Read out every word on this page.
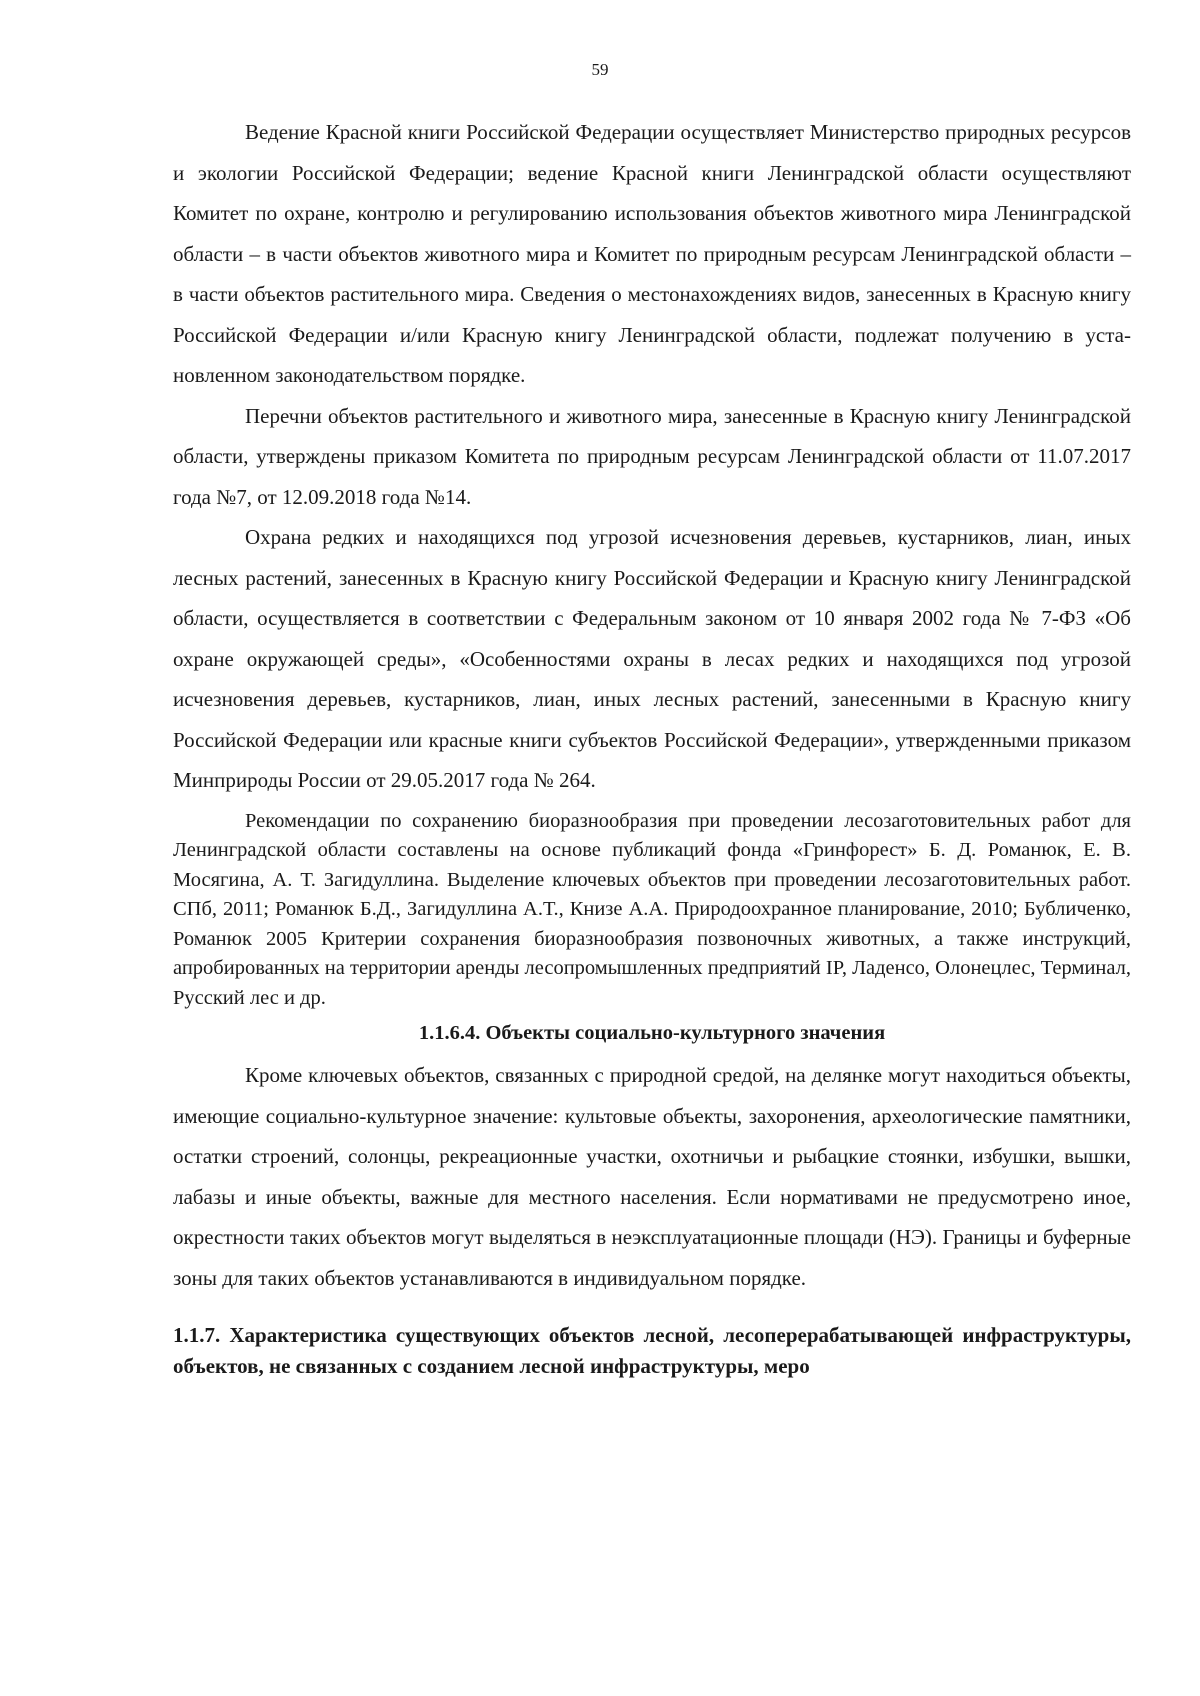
59

Ведение Красной книги Российской Федерации осуществляет Министерство природных ресурсов и экологии Российской Федерации; ведение Красной книги Ленинградской области осуществляют Комитет по охране, контролю и регулированию использования объектов животного мира Ленинградской области – в части объектов животного мира и Комитет по природным ресурсам Ленинградской области – в части объектов растительного мира. Сведения о местонахождениях видов, занесенных в Красную книгу Российской Федерации и/или Красную книгу Ленинградской области, подлежат получению в установленном законодательством порядке.

Перечни объектов растительного и животного мира, занесенные в Красную книгу Ленинградской области, утверждены приказом Комитета по природным ресурсам Ленинградской области от 11.07.2017 года №7, от 12.09.2018 года №14.

Охрана редких и находящихся под угрозой исчезновения деревьев, кустарников, лиан, иных лесных растений, занесенных в Красную книгу Российской Федерации и Красную книгу Ленинградской области, осуществляется в соответствии с Федеральным законом от 10 января 2002 года № 7-ФЗ «Об охране окружающей среды», «Особенностями охраны в лесах редких и находящихся под угрозой исчезновения деревьев, кустарников, лиан, иных лесных растений, занесенными в Красную книгу Российской Федерации или красные книги субъектов Российской Федерации», утвержденными приказом Минприроды России от 29.05.2017 года № 264.

Рекомендации по сохранению биоразнообразия при проведении лесозаготовительных работ для Ленинградской области составлены на основе публикаций фонда «Гринфорест» Б. Д. Романюк, Е. В. Мосягина, А. Т. Загидуллина. Выделение ключевых объектов при проведении лесозаготовительных работ. СПб, 2011; Романюк Б.Д., Загидуллина А.Т., Книзе А.А. Природоохранное планирование, 2010; Бубличенко, Романюк 2005 Критерии сохранения биоразнообразия позвоночных животных, а также инструкций, апробированных на территории аренды лесопромышленных предприятий IP, Ладенсо, Олонецлес, Терминал, Русский лес и др.

1.1.6.4. Объекты социально-культурного значения

Кроме ключевых объектов, связанных с природной средой, на делянке могут находиться объекты, имеющие социально-культурное значение: культовые объекты, захоронения, археологические памятники, остатки строений, солонцы, рекреационные участки, охотничьи и рыбацкие стоянки, избушки, вышки, лабазы и иные объекты, важные для местного населения. Если нормативами не предусмотрено иное, окрестности таких объектов могут выделяться в неэксплуатационные площади (НЭ). Границы и буферные зоны для таких объектов устанавливаются в индивидуальном порядке.

1.1.7. Характеристика существующих объектов лесной, лесоперерабатывающей инфраструктуры, объектов, не связанных с созданием лесной инфраструктуры, меро
